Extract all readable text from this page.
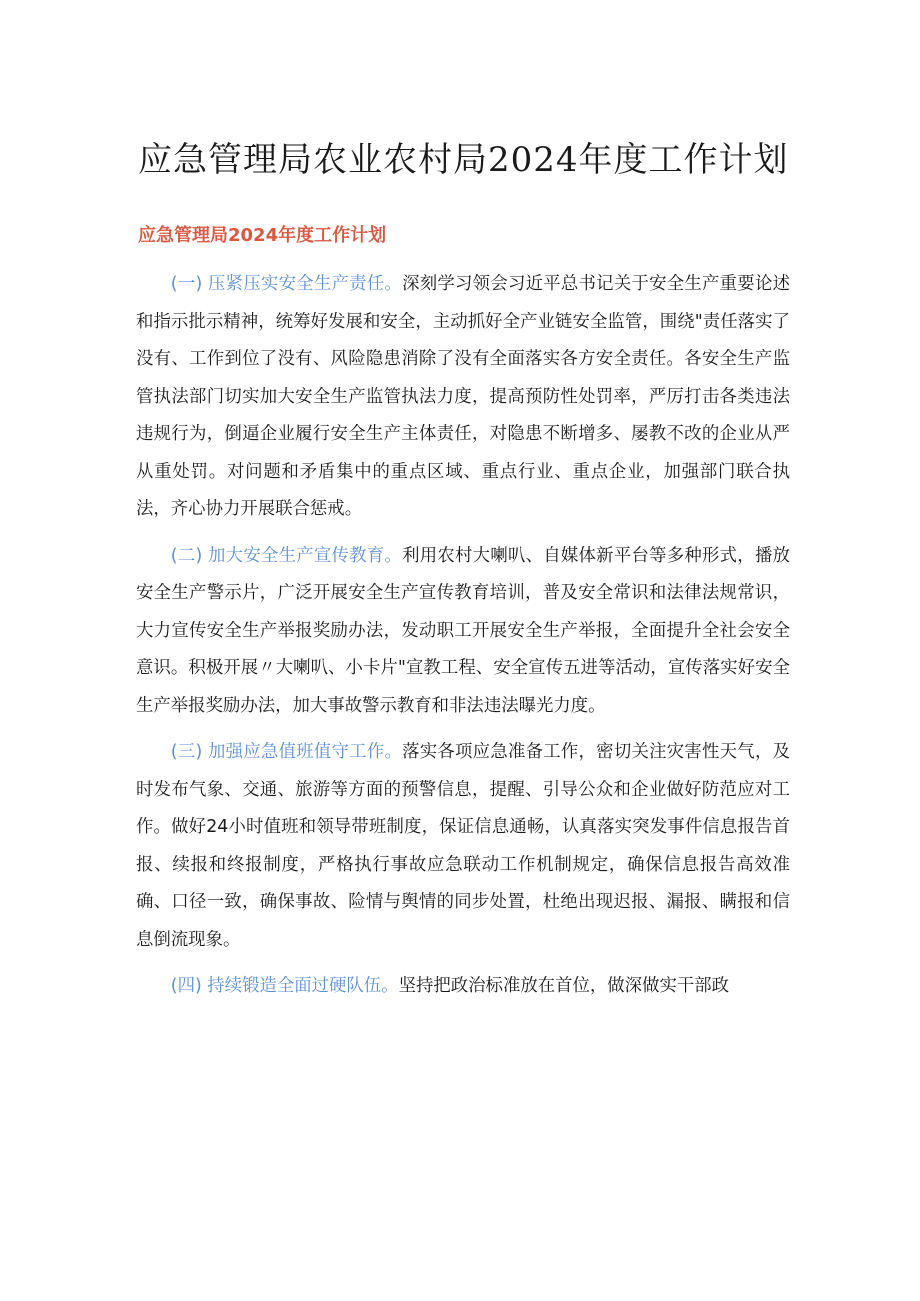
应急管理局农业农村局2024年度工作计划
应急管理局2024年度工作计划

(一) 压紧压实安全生产责任。深刻学习领会习近平总书记关于安全生产重要论述和指示批示精神，统筹好发展和安全，主动抓好全产业链安全监管，围绕"责任落实了没有、工作到位了没有、风险隐患消除了没有全面落实各方安全责任。各安全生产监管执法部门切实加大安全生产监管执法力度，提高预防性处罚率，严厉打击各类违法违规行为，倒逼企业履行安全生产主体责任，对隐患不断增多、屡教不改的企业从严从重处罚。对问题和矛盾集中的重点区域、重点行业、重点企业，加强部门联合执法，齐心协力开展联合惩戒。

(二) 加大安全生产宣传教育。利用农村大喇叭、自媒体新平台等多种形式，播放安全生产警示片，广泛开展安全生产宣传教育培训，普及安全常识和法律法规常识，大力宣传安全生产举报奖励办法，发动职工开展安全生产举报，全面提升全社会安全意识。积极开展〃大喇叭、小卡片"宣教工程、安全宣传五进等活动，宣传落实好安全生产举报奖励办法，加大事故警示教育和非法违法曝光力度。

(三) 加强应急值班值守工作。落实各项应急准备工作，密切关注灾害性天气，及时发布气象、交通、旅游等方面的预警信息，提醒、引导公众和企业做好防范应对工作。做好24小时值班和领导带班制度，保证信息通畅，认真落实突发事件信息报告首报、续报和终报制度，严格执行事故应急联动工作机制规定，确保信息报告高效准确、口径一致，确保事故、险情与舆情的同步处置，杜绝出现迟报、漏报、瞒报和信息倒流现象。

(四) 持续锻造全面过硬队伍。坚持把政治标准放在首位，做深做实干部政
